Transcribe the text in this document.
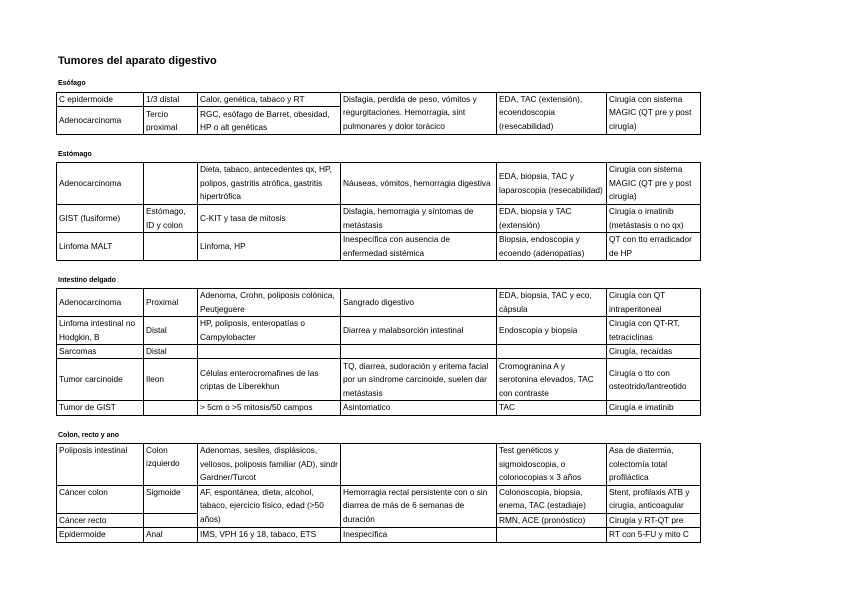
Tumores del aparato digestivo
Esófago
C epidermoide	1/3 distal	Calor, genética, tabaco y RT	Disfagia, perdida de peso, vómitos y regurgitaciones. Hemorragia, sint pulmonares y dolor torácico	EDA, TAC (extensión), ecoendoscopia (resecabilidad)	Cirugía con sistema MAGIC (QT pre y post cirugía)
Adenocarcinoma	Tercio proximal	RGC, esófago de Barret, obesidad, HP o alt genéticas			
Estómago
Adenocarcinoma		Dieta, tabaco, antecedentes qx, HP, polipos, gastritis atrófica, gastritis hipertrófica	Náuseas, vómitos, hemorragia digestiva	EDA, biopsia, TAC y laparoscopia (resecabilidad)	Cirugía con sistema MAGIC (QT pre y post cirugía)
GIST (fusiforme)	Estómago, ID y colon	C-KIT y tasa de mitosis	Disfagia, hemorragia y síntomas de metástasis	EDA, biopsia y TAC (extensión)	Cirugía o imatinib (metástasis o no qx)
Linfoma MALT		Linfoma, HP	Inespecífica con ausencia de enfermedad sistémica	Biopsia, endoscopia y ecoendo (adenopatías)	QT con tto erradicador de HP
Intestino delgado
Adenocarcinoma	Proximal	Adenoma, Crohn, poliposis colónica, Peutjeguere	Sangrado digestivo	EDA, biopsia, TAC y eco, cápsula	Cirugía con QT intraperitoneal
Linfoma intestinal no Hodgkin, B	Distal	HP, poliposis, enteropatías o Campylobacter	Diarrea y malabsorción intestinal	Endoscopia y biopsia	Cirugía con QT-RT, tetraciclinas
Sarcomas	Distal				Cirugía, recaídas
Tumor carcinoide	Ileon	Células enterocromafines de las criptas de Liberekhun	TQ, diarrea, sudoración y eritema facial por un síndrome carcinoide, suelen dar metástasis	Cromogranina A y serotonina elevados, TAC con contraste	Cirugía o tto con osteotrido/lantreotido
Tumor de GIST		> 5cm o >5 mitosis/50 campos	Asintomatico	TAC	Cirugía e imatinib
Colon, recto y ano
Poliposis intestinal	Colon izquierdo	Adenomas, sesiles, displásicos, vellosos, poliposis familiar (AD), sindr Gardner/Turcot		Test genéticos y sigmoidoscopia, o colonocopias x 3 años	Asa de diatermia, colectomía total profiláctica
Cáncer colon	Sigmoide	AF, espontánea, dieta, alcohol, tabaco, ejercicio físico, edad (>50 años)	Hemorragia rectal persistente con o sin diarrea de más de 6 semanas de duración	Colonoscopia, biopsia, enema, TAC (estadiaje)	Stent, profilaxis ATB y cirugía, anticoagular
Cáncer recto				RMN, ACE (pronóstico)	Cirugía y RT-QT pre
Epidermoide	Anal	IMS, VPH 16 y 18, tabaco, ETS	Inespecífica		RT con 5-FU y mito C
